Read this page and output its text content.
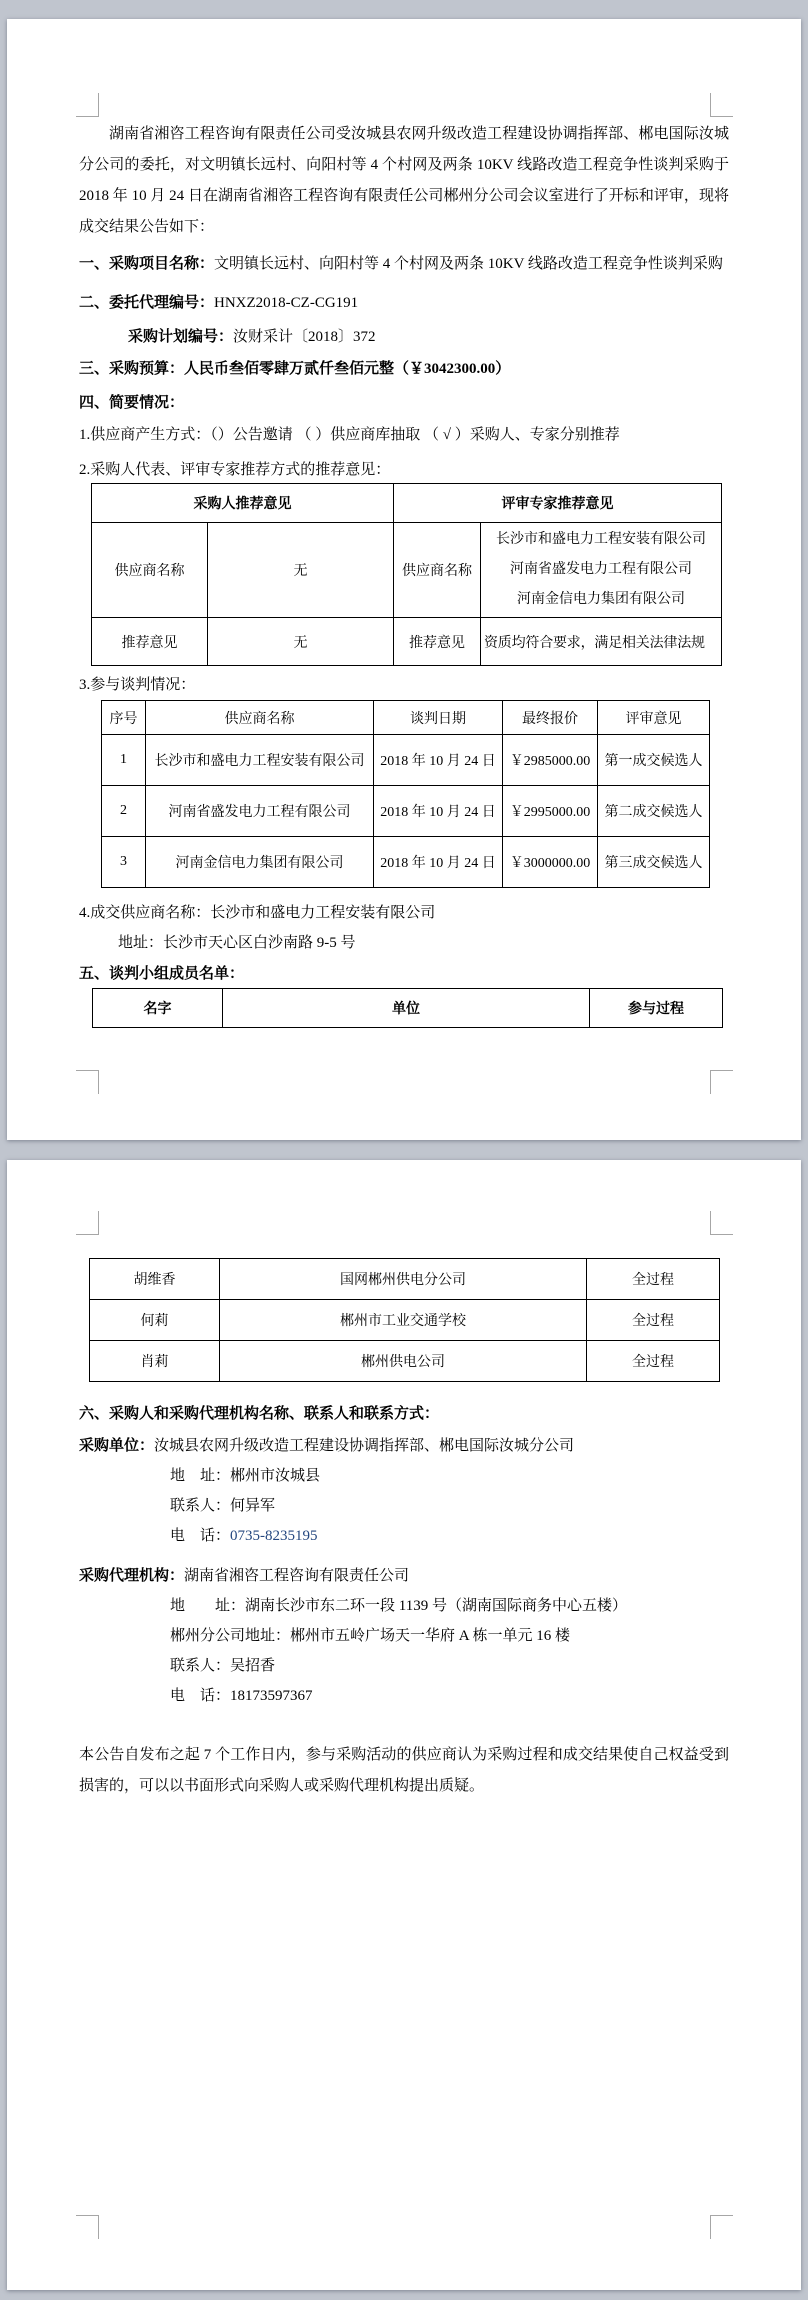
湖南省湘咨工程咨询有限责任公司受汝城县农网升级改造工程建设协调指挥部、郴电国际汝城分公司的委托，对文明镇长远村、向阳村等 4 个村网及两条 10KV 线路改造工程竞争性谈判采购于 2018 年 10 月 24 日在湖南省湘咨工程咨询有限责任公司郴州分公司会议室进行了开标和评审，现将成交结果公告如下：

一、采购项目名称：文明镇长远村、向阳村等 4 个村网及两条 10KV 线路改造工程竞争性谈判采购
二、委托代理编号：HNXZ2018-CZ-CG191
采购计划编号：汝财采计〔2018〕372
三、采购预算：人民币叁佰零肆万贰仟叁佰元整（￥3042300.00）
四、简要情况：
1.供应商产生方式：（）公告邀请 （ ）供应商库抽取 （ √ ）采购人、专家分别推荐
2.采购人代表、评审专家推荐方式的推荐意见：
采购人推荐意见		评审专家推荐意见	
供应商名称	无	供应商名称	长沙市和盛电力工程安装有限公司
河南省盛发电力工程有限公司
河南金信电力集团有限公司

推荐意见	无	推荐意见	资质均符合要求，满足相关法律法规
3.参与谈判情况：
序号	供应商名称	谈判日期	最终报价	评审意见
1	长沙市和盛电力工程安装有限公司	2018 年 10 月 24 日	￥2985000.00	第一成交候选人
2	河南省盛发电力工程有限公司	2018 年 10 月 24 日	￥2995000.00	第二成交候选人
3	河南金信电力集团有限公司	2018 年 10 月 24 日	￥3000000.00	第三成交候选人
4.成交供应商名称：长沙市和盛电力工程安装有限公司
地址：长沙市天心区白沙南路 9-5 号
五、谈判小组成员名单：
名字	单位	参与过程
胡维香	国网郴州供电分公司	全过程
何莉	郴州市工业交通学校	全过程
肖莉	郴州供电公司	全过程
六、采购人和采购代理机构名称、联系人和联系方式：
采购单位：汝城县农网升级改造工程建设协调指挥部、郴电国际汝城分公司
地　址：郴州市汝城县
联系人：何异军
电　话：0735-8235195
采购代理机构：湖南省湘咨工程咨询有限责任公司
地　　址：湖南长沙市东二环一段 1139 号（湖南国际商务中心五楼）
郴州分公司地址：郴州市五岭广场天一华府 A 栋一单元 16 楼
联系人：吴招香
电　话：18173597367

本公告自发布之起 7 个工作日内，参与采购活动的供应商认为采购过程和成交结果使自己权益受到损害的，可以以书面形式向采购人或采购代理机构提出质疑。
